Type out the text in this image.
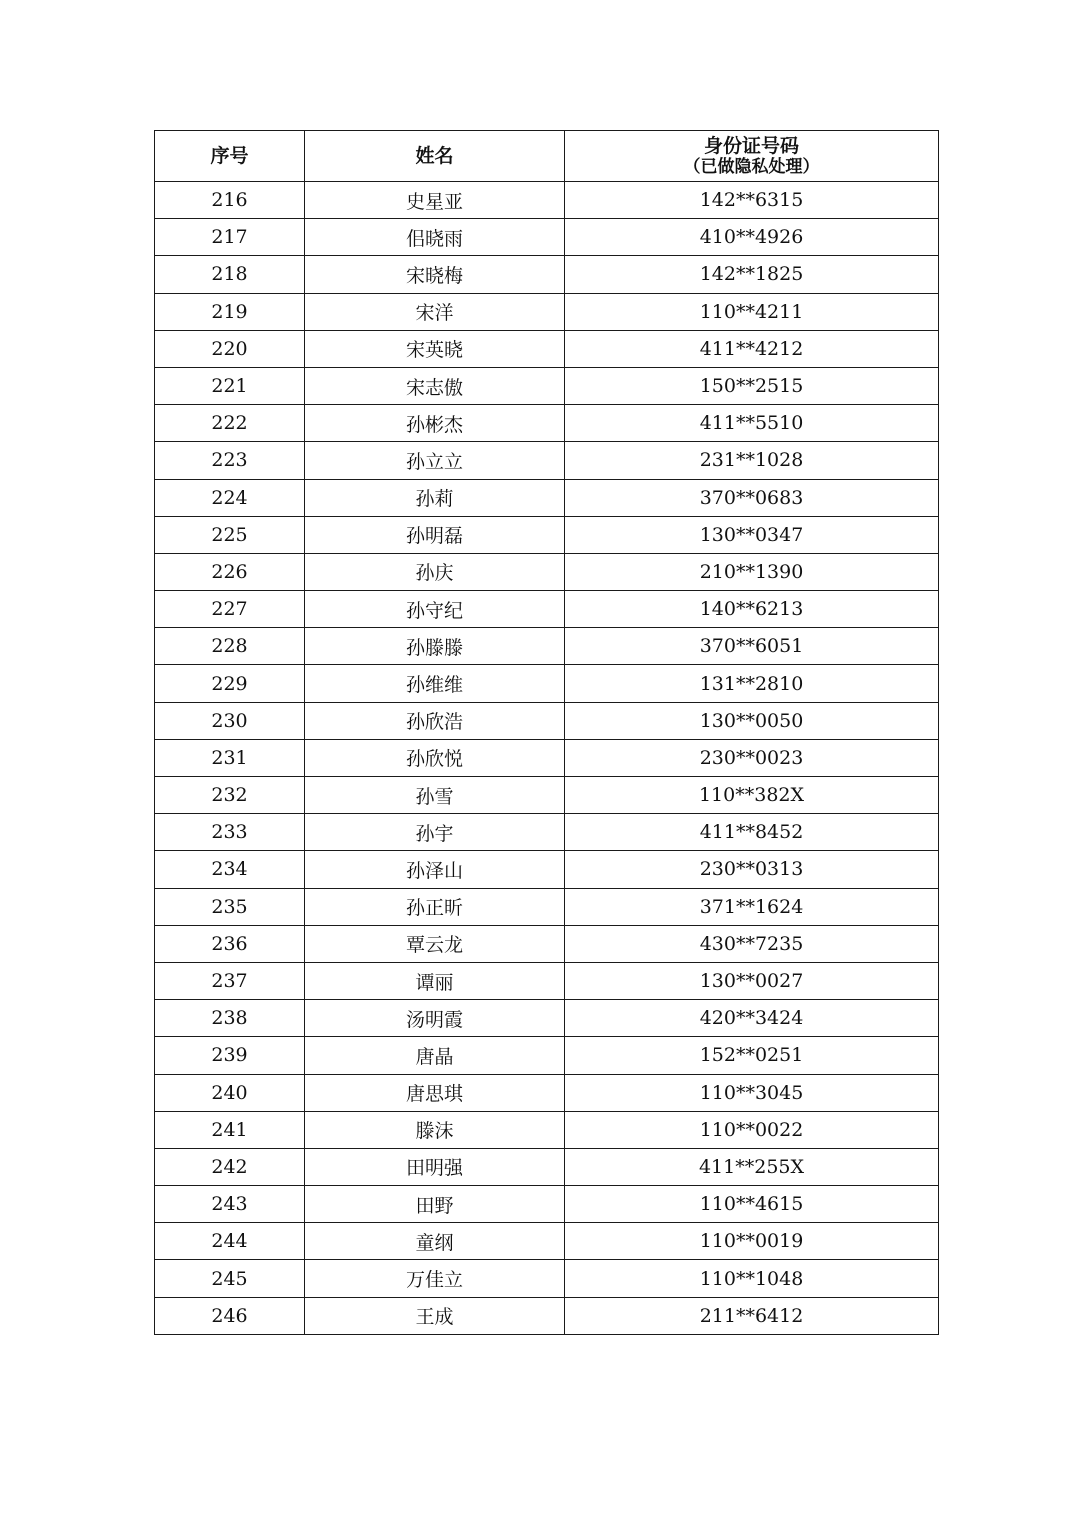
序号	姓名	身份证号码
（已做隐私处理）

216	史星亚	142**6315
217	佀晓雨	410**4926
218	宋晓梅	142**1825
219	宋洋	110**4211
220	宋英晓	411**4212
221	宋志傲	150**2515
222	孙彬杰	411**5510
223	孙立立	231**1028
224	孙莉	370**0683
225	孙明磊	130**0347
226	孙庆	210**1390
227	孙守纪	140**6213
228	孙滕滕	370**6051
229	孙维维	131**2810
230	孙欣浩	130**0050
231	孙欣悦	230**0023
232	孙雪	110**382X
233	孙宇	411**8452
234	孙泽山	230**0313
235	孙正昕	371**1624
236	覃云龙	430**7235
237	谭丽	130**0027
238	汤明霞	420**3424
239	唐晶	152**0251
240	唐思琪	110**3045
241	滕沫	110**0022
242	田明强	411**255X
243	田野	110**4615
244	童纲	110**0019
245	万佳立	110**1048
246	王成	211**6412
